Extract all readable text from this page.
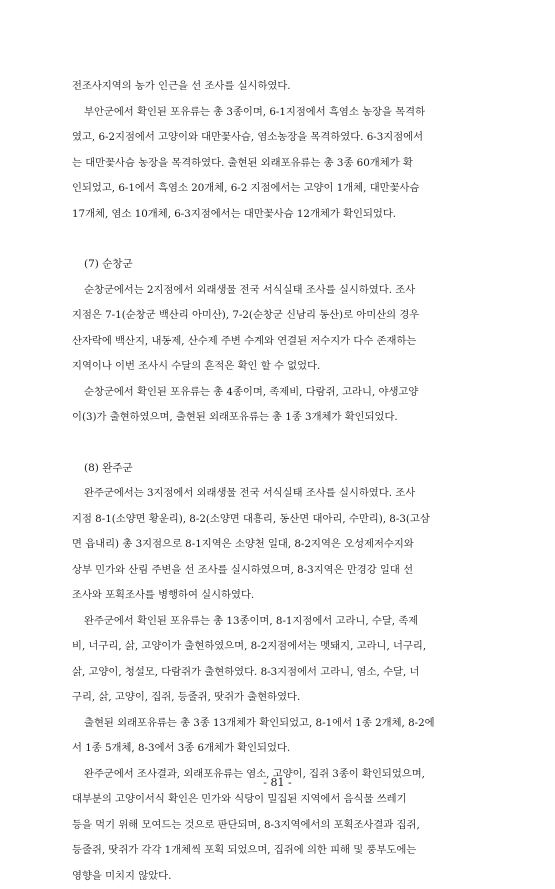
전조사지역의 농가 인근을 선 조사를 실시하였다.

부안군에서 확인된 포유류는 총 3종이며, 6-1지점에서 흑염소 농장을 목격하
였고, 6-2지점에서 고양이와 대만꽃사슴, 염소농장을 목격하였다. 6-3지점에서
는 대만꽃사슴 농장을 목격하였다. 출현된 외래포유류는 총 3종 60개체가 확
인되었고, 6-1에서 흑염소 20개체, 6-2 지점에서는 고양이 1개체, 대만꽃사슴
17개체, 염소 10개체, 6-3지점에서는 대만꽃사슴 12개체가 확인되었다.

(7) 순창군

순창군에서는 2지점에서 외래생물 전국 서식실태 조사를 실시하였다. 조사
지점은 7-1(순창군 백산리 아미산), 7-2(순창군 신남리 동산)로 아미산의 경우
산자락에 백산지, 내동제, 산수제 주변 수계와 연결된 저수지가 다수 존재하는
지역이나 이번 조사시 수달의 흔적은 확인 할 수 없었다.

순창군에서 확인된 포유류는 총 4종이며, 족제비, 다람쥐, 고라니, 야생고양
이(3)가 출현하였으며, 출현된 외래포유류는 총 1종 3개체가 확인되었다.

(8) 완주군

완주군에서는 3지점에서 외래생물 전국 서식실태 조사를 실시하였다. 조사
지점 8-1(소양면 황운리), 8-2(소양면 대흥리, 동산면 대아리, 수만리), 8-3(고삼
면 읍내리) 총 3지점으로 8-1지역은 소양천 일대, 8-2지역은 오성제저수지와
상부 민가와 산림 주변을 선 조사를 실시하였으며, 8-3지역은 만경강 일대 선
조사와 포획조사를 병행하여 실시하였다.

완주군에서 확인된 포유류는 총 13종이며, 8-1지점에서 고라니, 수달, 족제
비, 너구리, 삵, 고양이가 출현하였으며, 8-2지점에서는 멧돼지, 고라니, 너구리,
삵, 고양이, 청설모, 다람쥐가 출현하였다. 8-3지점에서 고라니, 염소, 수달, 너
구리, 삵, 고양이, 집쥐, 등줄쥐, 땃쥐가 출현하였다.

출현된 외래포유류는 총 3종 13개체가 확인되었고, 8-1에서 1종 2개체, 8-2에
서 1종 5개체, 8-3에서 3종 6개체가 확인되었다.

완주군에서 조사결과, 외래포유류는 염소, 고양이, 집쥐 3종이 확인되었으며,
대부분의 고양이서식 확인은 민가와 식당이 밀집된 지역에서 음식물 쓰레기
등을 먹기 위해 모여드는 것으로 판단되며, 8-3지역에서의 포획조사결과 집쥐,
등줄쥐, 땃쥐가 각각 1개체씩 포획 되었으며, 집쥐에 의한 피해 및 풍부도에는
영향을 미치지 않았다.

- 81 -
